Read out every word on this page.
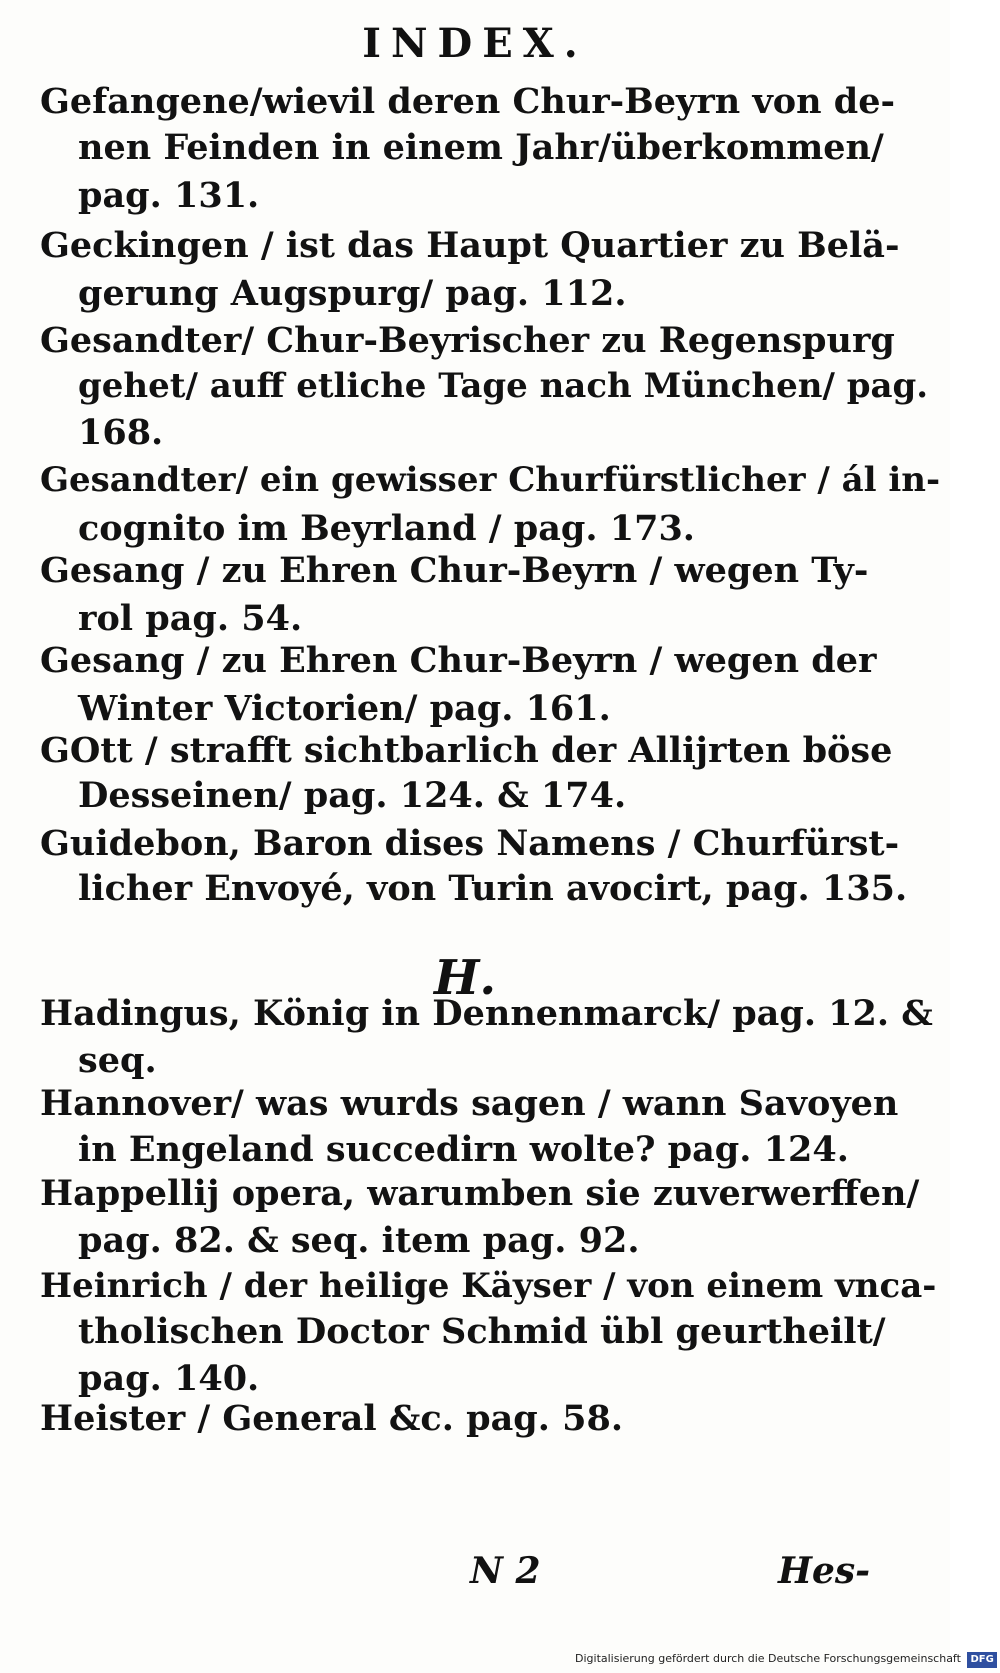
INDEX.
Gefangene/wievil deren Chur-Beyrn von de-
nen Feinden in einem Jahr/überkommen/
pag. 131.
Geckingen / ist das Haupt Quartier zu Belä-
gerung Augspurg/ pag. 112.
Gesandter/ Chur-Beyrischer zu Regenspurg
gehet/ auff etliche Tage nach München/ pag.
168.
Gesandter/ ein gewisser Churfürstlicher / ál in-
cognito im Beyrland / pag. 173.
Gesang / zu Ehren Chur-Beyrn / wegen Ty-
rol pag. 54.
Gesang / zu Ehren Chur-Beyrn / wegen der
Winter Victorien/ pag. 161.
GOtt / strafft sichtbarlich der Allijrten böse
Desseinen/ pag. 124. & 174.
Guidebon, Baron dises Namens / Churfürst-
licher Envoyé, von Turin avocirt, pag. 135.
Hadingus, König in Dennenmarck/ pag. 12. &
seq.
Hannover/ was wurds sagen / wann Savoyen
in Engeland succedirn wolte? pag. 124.
Happellij opera, warumben sie zuverwerffen/
pag. 82. & seq. item pag. 92.
Heinrich / der heilige Käyser / von einem vnca-
tholischen Doctor Schmid übl geurtheilt/
pag. 140.
Heister / General &c. pag. 58.
H.
N 2	Hes-
Digitalisierung gefördert durch die Deutsche Forschungsgemeinschaft DFG
